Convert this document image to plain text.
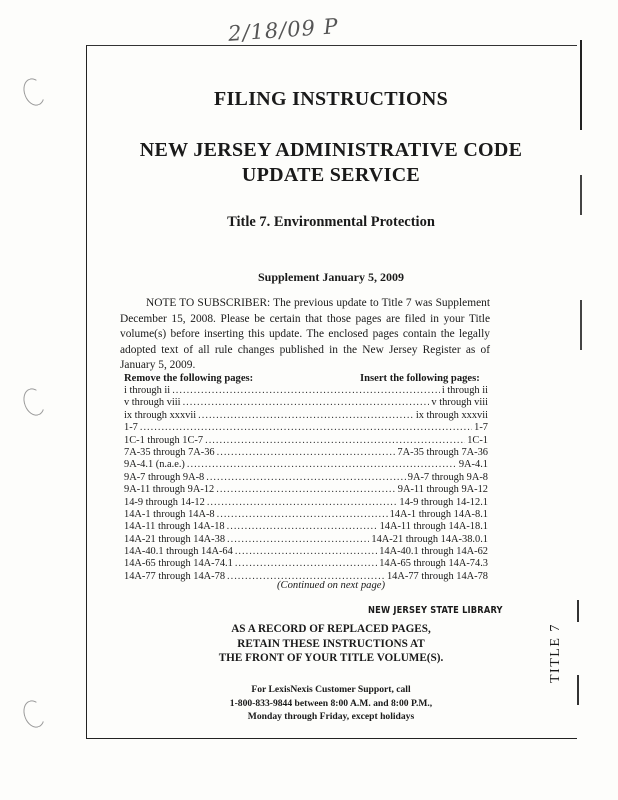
2/18/09 P
FILING INSTRUCTIONS
NEW JERSEY ADMINISTRATIVE CODE
UPDATE SERVICE
Title 7. Environmental Protection
Supplement January 5, 2009
NOTE TO SUBSCRIBER: The previous update to Title 7 was Supplement December 15, 2008. Please be certain that those pages are filed in your Title volume(s) before inserting this update. The enclosed pages contain the legally adopted text of all rule changes published in the New Jersey Register as of January 5, 2009.
Remove the following pages:	Insert the following pages:
i through ii .....	i through ii
v through viii .....	v through viii
ix through xxxvii .....	ix through xxxvii
1-7 .....	1-7
1C-1 through 1C-7 .....	1C-1
7A-35 through 7A-36 .....	7A-35 through 7A-36
9A-4.1 (n.a.e.) .....	9A-4.1
9A-7 through 9A-8 .....	9A-7 through 9A-8
9A-11 through 9A-12 .....	9A-11 through 9A-12
14-9 through 14-12 .....	14-9 through 14-12.1
14A-1 through 14A-8 .....	14A-1 through 14A-8.1
14A-11 through 14A-18 .....	14A-11 through 14A-18.1
14A-21 through 14A-38 .....	14A-21 through 14A-38.0.1
14A-40.1 through 14A-64 .....	14A-40.1 through 14A-62
14A-65 through 14A-74.1 .....	14A-65 through 14A-74.3
14A-77 through 14A-78 .....	14A-77 through 14A-78
(Continued on next page)
NEW JERSEY STATE LIBRARY
AS A RECORD OF REPLACED PAGES,
RETAIN THESE INSTRUCTIONS AT
THE FRONT OF YOUR TITLE VOLUME(S).
For LexisNexis Customer Support, call
1-800-833-9844 between 8:00 A.M. and 8:00 P.M.,
Monday through Friday, except holidays
TITLE 7
